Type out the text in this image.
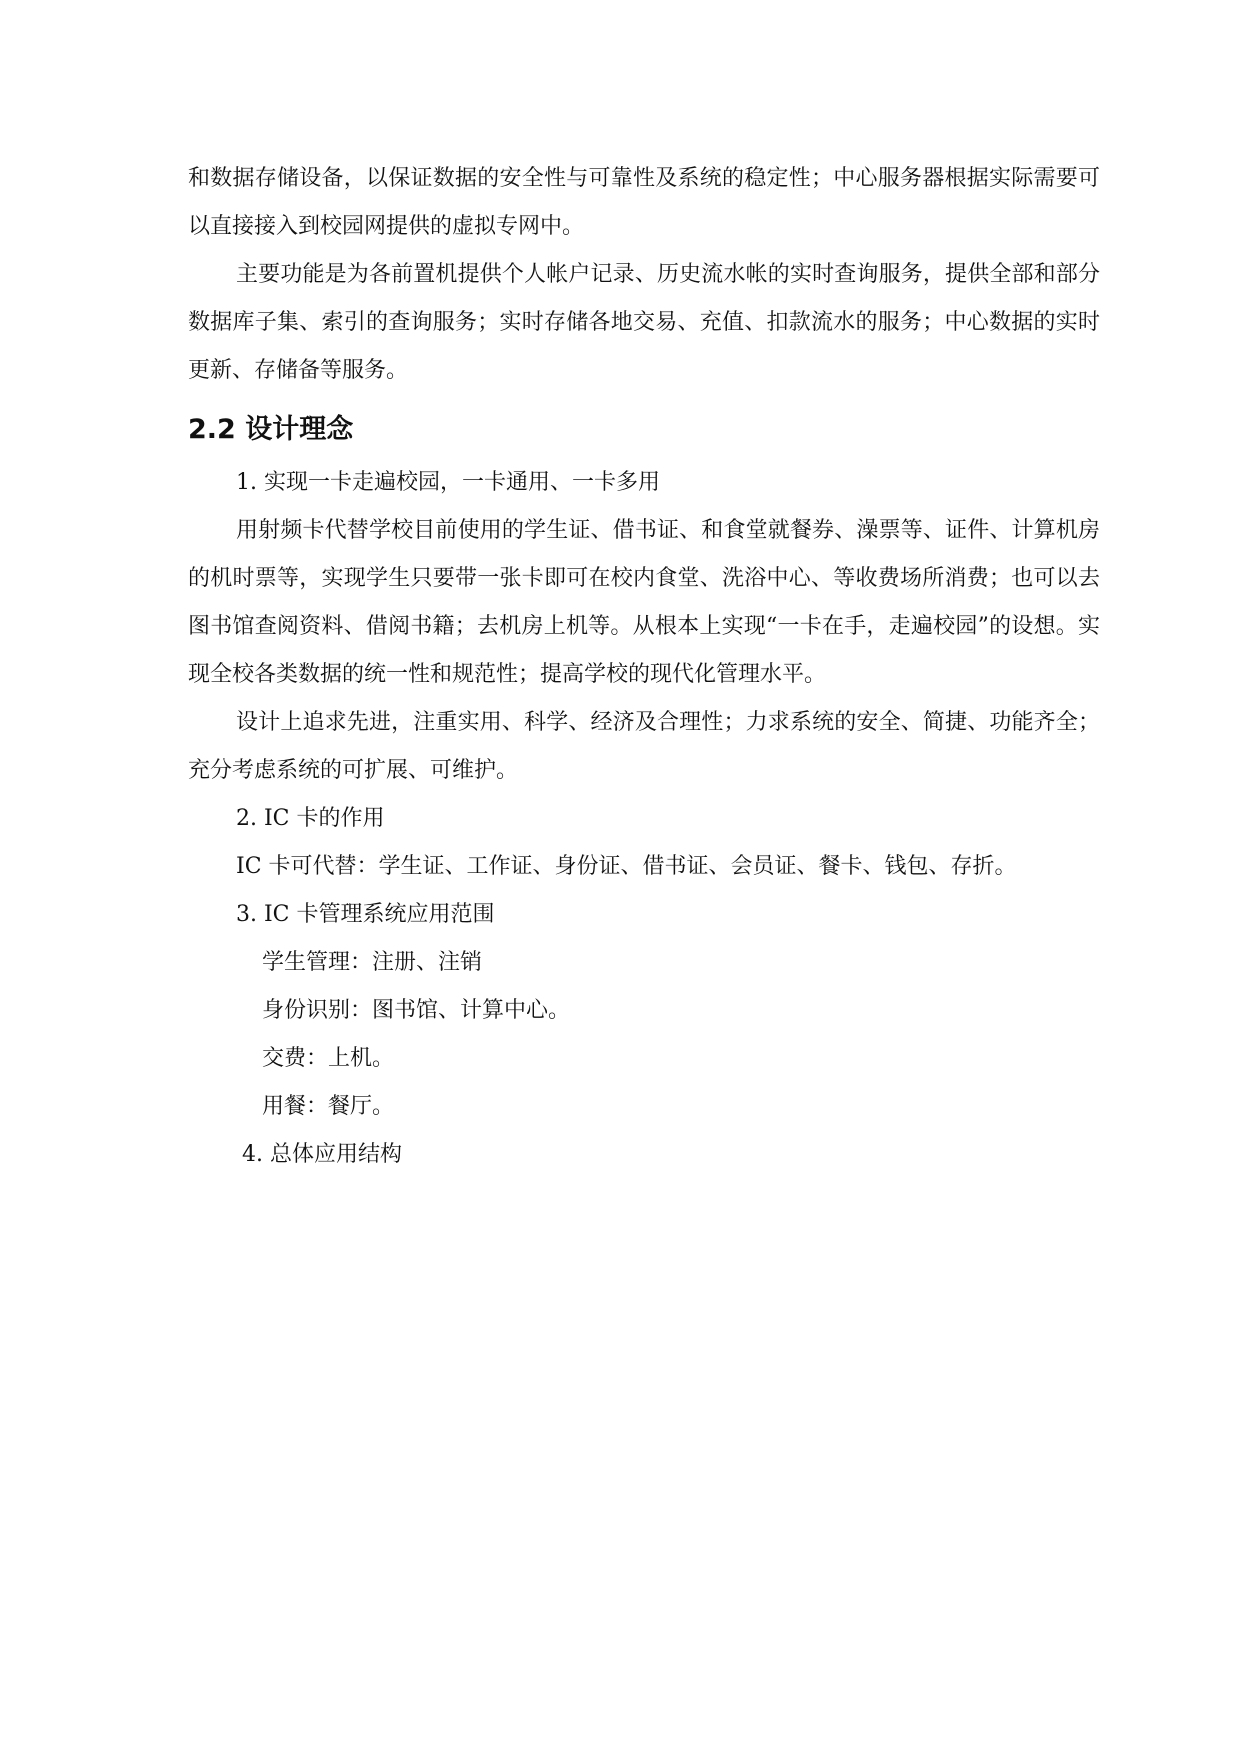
和数据存储设备，以保证数据的安全性与可靠性及系统的稳定性；中心服务器根据实际需要可以直接接入到校园网提供的虚拟专网中。

主要功能是为各前置机提供个人帐户记录、历史流水帐的实时查询服务，提供全部和部分数据库子集、索引的查询服务；实时存储各地交易、充值、扣款流水的服务；中心数据的实时更新、存储备等服务。

2.2 设计理念

1. 实现一卡走遍校园，一卡通用、一卡多用

用射频卡代替学校目前使用的学生证、借书证、和食堂就餐券、澡票等、证件、计算机房的机时票等，实现学生只要带一张卡即可在校内食堂、洗浴中心、等收费场所消费；也可以去图书馆查阅资料、借阅书籍；去机房上机等。从根本上实现“一卡在手，走遍校园”的设想。实现全校各类数据的统一性和规范性；提高学校的现代化管理水平。

设计上追求先进，注重实用、科学、经济及合理性；力求系统的安全、简捷、功能齐全；充分考虑系统的可扩展、可维护。

2. IC 卡的作用

IC 卡可代替：学生证、工作证、身份证、借书证、会员证、餐卡、钱包、存折。

3. IC 卡管理系统应用范围

学生管理：注册、注销

身份识别：图书馆、计算中心。

交费：上机。

用餐：餐厅。

4. 总体应用结构
